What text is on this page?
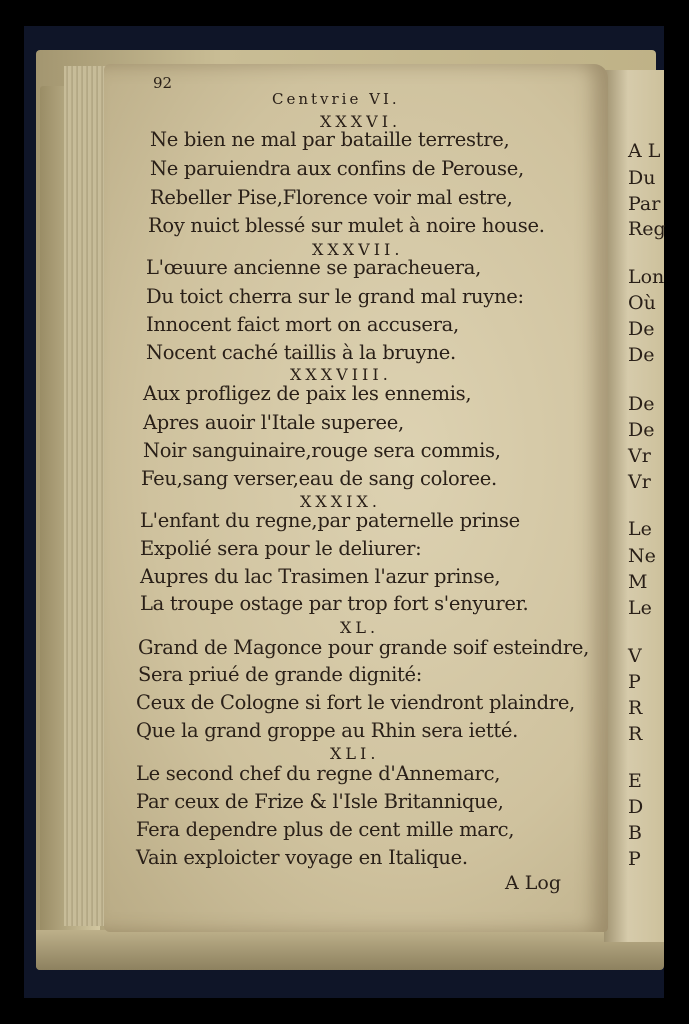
92
Centvrie VI.
XXXVI.
Ne bien ne mal par bataille terrestre,
Ne paruiendra aux confins de Perouse,
Rebeller Pise,Florence voir mal estre,
Roy nuict blessé sur mulet à noire house.
XXXVII.
L'œuure ancienne se paracheuera,
Du toict cherra sur le grand mal ruyne:
Innocent faict mort on accusera,
Nocent caché taillis à la bruyne.
XXXVIII.
Aux profligez de paix les ennemis,
Apres auoir l'Itale superee,
Noir sanguinaire,rouge sera commis,
Feu,sang verser,eau de sang coloree.
XXXIX.
L'enfant du regne,par paternelle prinse
Expolié sera pour le deliurer:
Aupres du lac Trasimen l'azur prinse,
La troupe ostage par trop fort s'enyurer.
XL.
Grand de Magonce pour grande soif esteindre,
Sera priué de grande dignité:
Ceux de Cologne si fort le viendront plaindre,
Que la grand groppe au Rhin sera ietté.
XLI.
Le second chef du regne d'Annemarc,
Par ceux de Frize & l'Isle Britannique,
Fera dependre plus de cent mille marc,
Vain exploicter voyage en Italique.
A Log
A L
Du
Par
Reg
Lon
Où
De
De
De
De
Vr
Vr
Le
Ne
M
Le
V
P
R
R
E
D
B
P
